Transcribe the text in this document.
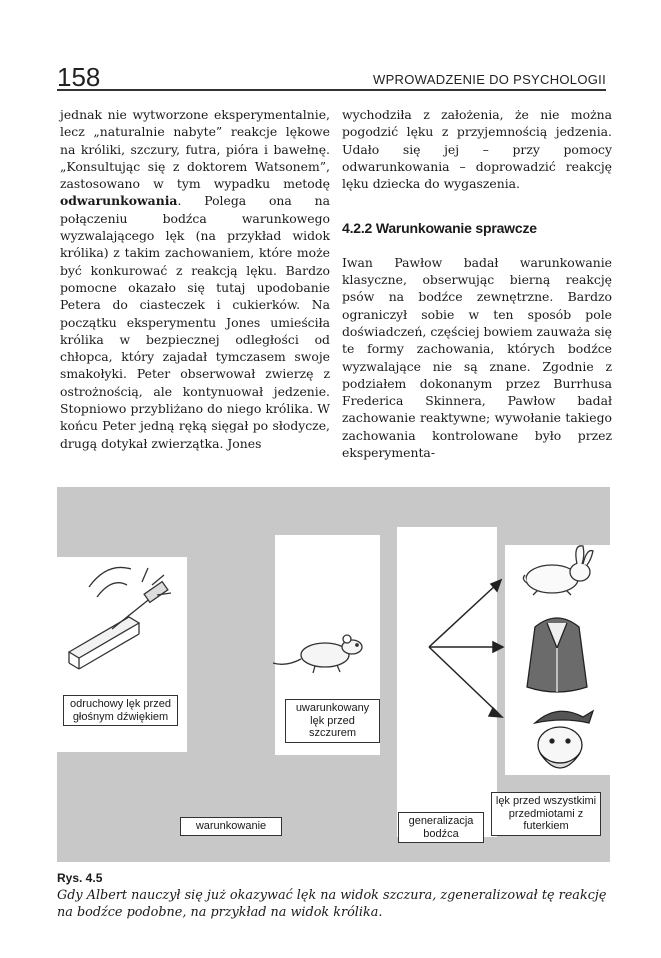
158	WPROWADZENIE DO PSYCHOLOGII

jednak nie wytworzone eksperymentalnie, lecz „naturalnie nabyte” reakcje lękowe na króliki, szczury, futra, pióra i bawełnę. „Konsultując się z doktorem Watsonem”, zastosowano w tym wypadku metodę odwarunkowania. Polega ona na połączeniu bodźca warunkowego wyzwalającego lęk (na przykład widok królika) z takim zachowaniem, które może być konkurować z reakcją lęku. Bardzo pomocne okazało się tutaj upodobanie Petera do ciasteczek i cukierków. Na początku eksperymentu Jones umieściła królika w bezpiecznej odległości od chłopca, który zajadał tymczasem swoje smakołyki. Peter obserwował zwierzę z ostrożnością, ale kontynuował jedzenie. Stopniowo przybliżano do niego królika. W końcu Peter jedną ręką sięgał po słodycze, drugą dotykał zwierzątka. Jones

wychodziła z założenia, że nie można pogodzić lęku z przyjemnością jedzenia. Udało się jej – przy pomocy odwarunkowania – doprowadzić reakcję lęku dziecka do wygaszenia.

4.2.2 Warunkowanie sprawcze

Iwan Pawłow badał warunkowanie klasyczne, obserwując bierną reakcję psów na bodźce zewnętrzne. Bardzo ograniczył sobie w ten sposób pole doświadczeń, częściej bowiem zauważa się te formy zachowania, których bodźce wyzwalające nie są znane. Zgodnie z podziałem dokonanym przez Burrhusa Frederica Skinnera, Pawłow badał zachowanie reaktywne; wywołanie takiego zachowania kontrolowane było przez eksperymenta-

odruchowy lęk przed głośnym dźwiękiem
uwarunkowany lęk przed szczurem
warunkowanie	generalizacja bodźca
lęk przed wszystkimi przedmiotami z futerkiem
Rys. 4.5
Gdy Albert nauczył się już okazywać lęk na widok szczura, zgeneralizował tę reakcję na bodźce podobne, na przykład na widok królika.
